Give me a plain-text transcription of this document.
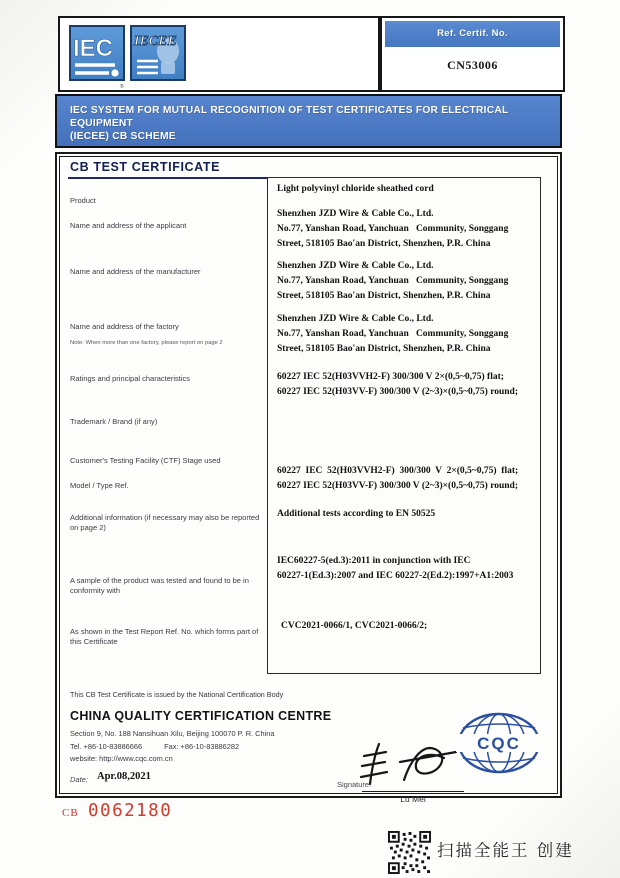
IEC
®
IECEE
Ref. Certif. No.
CN53006
IEC SYSTEM FOR MUTUAL RECOGNITION OF TEST CERTIFICATES FOR ELECTRICAL EQUIPMENT
(IECEE) CB SCHEME
CB TEST CERTIFICATE
Product
Name and address of the applicant
Name and address of the manufacturer
Name and address of the factory
Note: When more than one factory, please report on page 2
Ratings and principal characteristics
Trademark / Brand (if any)
Customer's Testing Facility (CTF) Stage used
Model / Type Ref.
Additional information (if necessary may also be reported on page 2)
A sample of the product was tested and found to be in conformity with
As shown in the Test Report Ref. No. which forms part of this Certificate
Light polyvinyl chloride sheathed cord
Shenzhen JZD Wire & Cable Co., Ltd.
No.77, Yanshan Road, Yanchuan   Community, Songgang
Street, 518105 Bao'an District, Shenzhen, P.R. China
Shenzhen JZD Wire & Cable Co., Ltd.
No.77, Yanshan Road, Yanchuan   Community, Songgang
Street, 518105 Bao'an District, Shenzhen, P.R. China
Shenzhen JZD Wire & Cable Co., Ltd.
No.77, Yanshan Road, Yanchuan   Community, Songgang
Street, 518105 Bao'an District, Shenzhen, P.R. China
60227 IEC 52(H03VVH2-F) 300/300 V 2×(0,5~0,75) flat;
60227 IEC 52(H03VV-F) 300/300 V (2~3)×(0,5~0,75) round;
60227  IEC  52(H03VVH2-F)  300/300  V  2×(0,5~0,75)  flat;
60227 IEC 52(H03VV-F) 300/300 V (2~3)×(0,5~0,75) round;
Additional tests according to EN 50525
IEC60227-5(ed.3):2011 in conjunction with IEC
60227-1(Ed.3):2007 and IEC 60227-2(Ed.2):1997+A1:2003
CVC2021-0066/1, CVC2021-0066/2;
This CB Test Certificate is issued by the National Certification Body
CHINA QUALITY CERTIFICATION CENTRE
Section 9, No. 188 Nansihuan Xilu, Beijing 100070 P. R. China
Tel. +86-10-83886666	Fax: +86-10-83886282
website: http://www.cqc.com.cn
Date: Apr.08,2021
Signature:
Lu Mei
CQC
CB 0062180
扫描全能王 创建
